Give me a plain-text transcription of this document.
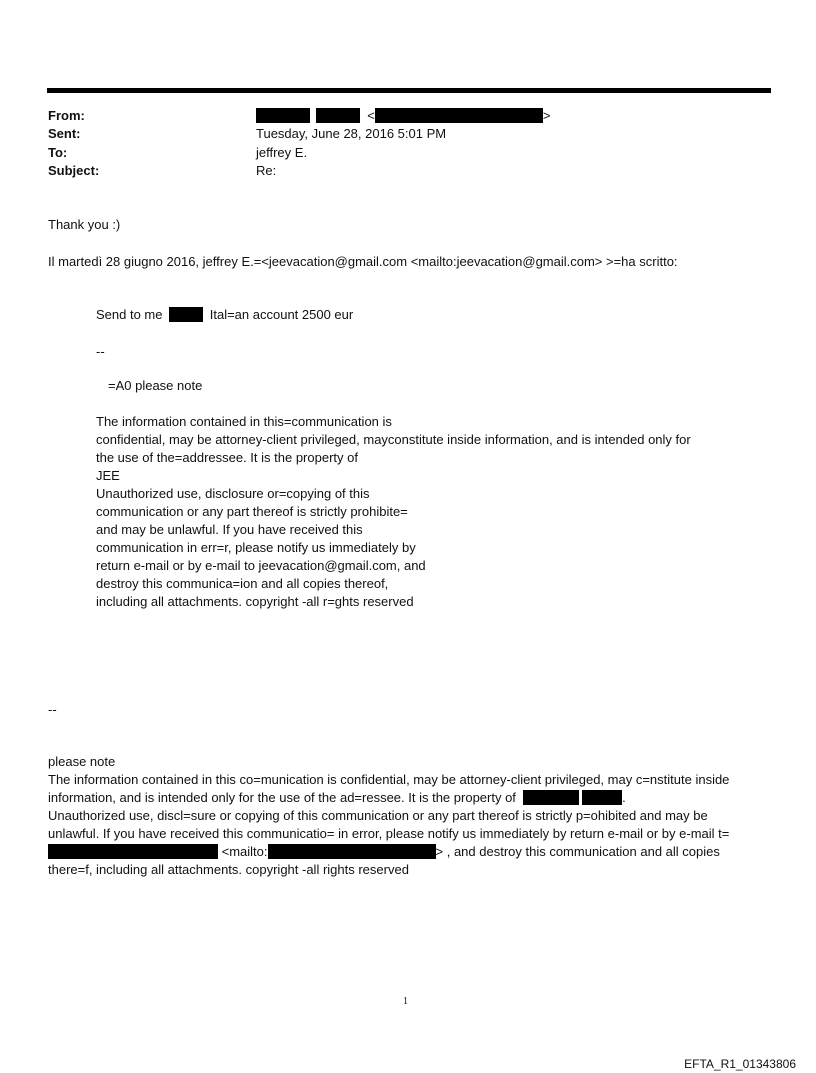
From:	<	>
Sent:	Tuesday, June 28, 2016 5:01 PM
To:	jeffrey E.
Subject:	Re:
Thank you :)
Il martedì 28 giugno 2016, jeffrey E.=<jeevacation@gmail.com <mailto:jeevacation@gmail.com> >=ha scritto:
Send to me	Ital=an account 2500 eur
--
=A0 please note
The information contained in this=communication is
confidential, may be attorney-client privileged, mayconstitute inside information, and is intended only for
the use of the=addressee. It is the property of
JEE
Unauthorized use, disclosure or=copying of this
communication or any part thereof is strictly prohibite=
and may be unlawful. If you have received this
communication in err=r, please notify us immediately by
return e-mail or by e-mail to jeevacation@gmail.com, and
destroy this communica=ion and all copies thereof,
including all attachments. copyright -all r=ghts reserved
--
please note
The information contained in this co=munication is confidential, may be attorney-client privileged, may c=nstitute inside
information, and is intended only for the use of the ad=ressee. It is the property of	.
Unauthorized use, discl=sure or copying of this communication or any part thereof is strictly p=ohibited and may be
unlawful. If you have received this communicatio= in error, please notify us immediately by return e-mail or by e-mail t=
<mailto:	> , and destroy this communication and all copies
there=f, including all attachments. copyright -all rights reserved
1
EFTA_R1_01343806
